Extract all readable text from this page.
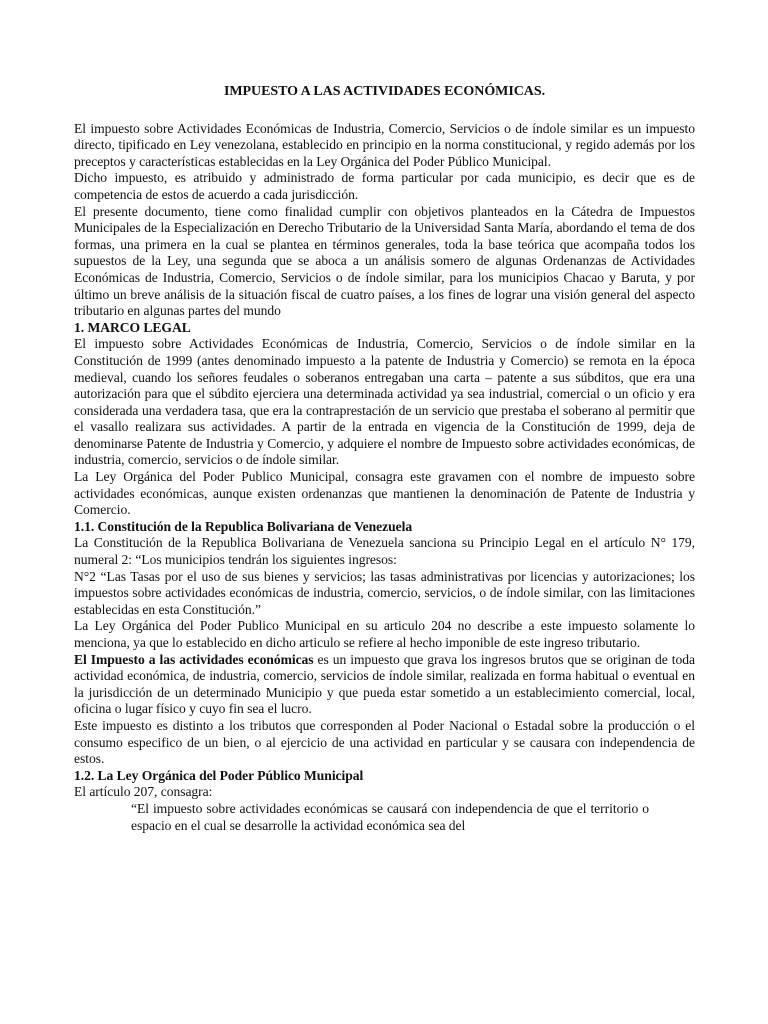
IMPUESTO A LAS ACTIVIDADES ECONÓMICAS.

El impuesto sobre Actividades Económicas de Industria, Comercio, Servicios o de índole similar es un impuesto directo, tipificado en Ley venezolana, establecido en principio en la norma constitucional, y regido además por los preceptos y características establecidas en la Ley Orgánica del Poder Público Municipal.

Dicho impuesto, es atribuido y administrado de forma particular por cada municipio, es decir que es de competencia de estos de acuerdo a cada jurisdicción.

El presente documento, tiene como finalidad cumplir con objetivos planteados en la Cátedra de Impuestos Municipales de la Especialización en Derecho Tributario de la Universidad Santa María, abordando el tema de dos formas, una primera en la cual se plantea en términos generales, toda la base teórica que acompaña todos los supuestos de la Ley, una segunda que se aboca a un análisis somero de algunas Ordenanzas de Actividades Económicas de Industria, Comercio, Servicios o de índole similar, para los municipios Chacao y Baruta, y por último un breve análisis de la situación fiscal de cuatro países, a los fines de lograr una visión general del aspecto tributario en algunas partes del mundo

1. MARCO LEGAL

El impuesto sobre Actividades Económicas de Industria, Comercio, Servicios o de índole similar en la Constitución de 1999 (antes denominado impuesto a la patente de Industria y Comercio) se remota en la época medieval, cuando los señores feudales o soberanos entregaban una carta – patente a sus súbditos, que era una autorización para que el súbdito ejerciera una determinada actividad ya sea industrial, comercial o un oficio y era considerada una verdadera tasa, que era la contraprestación de un servicio que prestaba el soberano al permitir que el vasallo realizara sus actividades. A partir de la entrada en vigencia de la Constitución de 1999, deja de denominarse Patente de Industria y Comercio, y adquiere el nombre de Impuesto sobre actividades económicas, de industria, comercio, servicios o de índole similar.

La Ley Orgánica del Poder Publico Municipal, consagra este gravamen con el nombre de impuesto sobre actividades económicas, aunque existen ordenanzas que mantienen la denominación de Patente de Industria y Comercio.

1.1. Constitución de la Republica Bolivariana de Venezuela

La Constitución de la Republica Bolivariana de Venezuela sanciona su Principio Legal en el artículo N° 179, numeral 2: “Los municipios tendrán los siguientes ingresos:

N°2 “Las Tasas por el uso de sus bienes y servicios; las tasas administrativas por licencias y autorizaciones; los impuestos sobre actividades económicas de industria, comercio, servicios, o de índole similar, con las limitaciones establecidas en esta Constitución.”

La Ley Orgánica del Poder Publico Municipal en su articulo 204 no describe a este impuesto solamente lo menciona, ya que lo establecido en dicho articulo se refiere al hecho imponible de este ingreso tributario.

El Impuesto a las actividades económicas es un impuesto que grava los ingresos brutos que se originan de toda actividad económica, de industria, comercio, servicios de índole similar, realizada en forma habitual o eventual en la jurisdicción de un determinado Municipio y que pueda estar sometido a un establecimiento comercial, local, oficina o lugar físico y cuyo fin sea el lucro.

Este impuesto es distinto a los tributos que corresponden al Poder Nacional o Estadal sobre la producción o el consumo especifico de un bien, o al ejercicio de una actividad en particular y se causara con independencia de estos.

1.2. La Ley Orgánica del Poder Público Municipal

El artículo 207, consagra:

“El impuesto sobre actividades económicas se causará con independencia de que el territorio o espacio en el cual se desarrolle la actividad económica sea del
